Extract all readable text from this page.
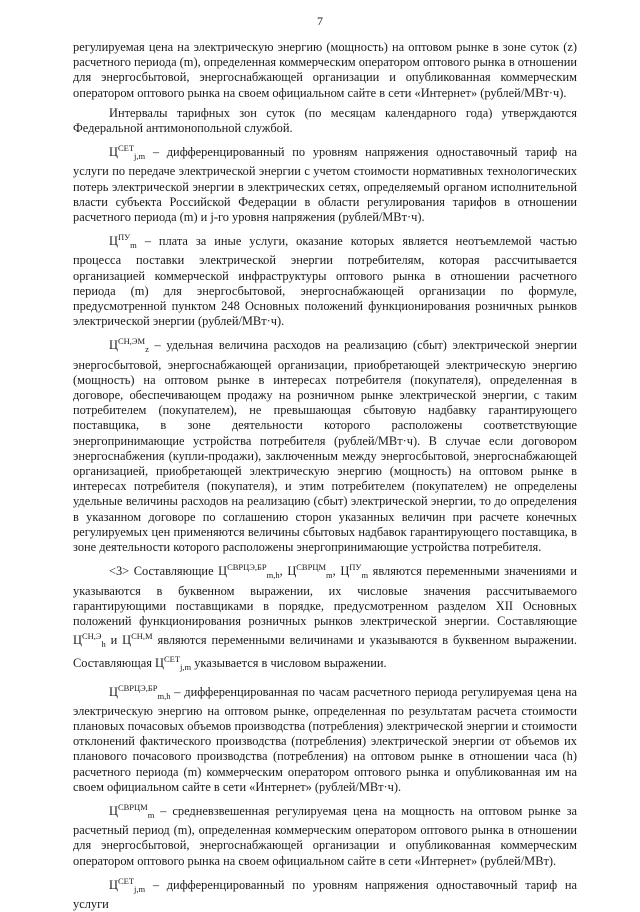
7

регулируемая цена на электрическую энергию (мощность) на оптовом рынке в зоне суток (z) расчетного периода (m), определенная коммерческим оператором оптового рынка в отношении для энергосбытовой, энергоснабжающей организации и опубликованная коммерческим оператором оптового рынка на своем официальном сайте в сети «Интернет» (рублей/МВт·ч).

Интервалы тарифных зон суток (по месяцам календарного года) утверждаются Федеральной антимонопольной службой.

$Ц^{СЕТ}_{j,m}$ – дифференцированный по уровням напряжения одноставочный тариф на услуги по передаче электрической энергии с учетом стоимости нормативных технологических потерь электрической энергии в электрических сетях, определяемый органом исполнительной власти субъекта Российской Федерации в области регулирования тарифов в отношении расчетного периода (m) и j-го уровня напряжения (рублей/МВт·ч).

$Ц^{ПУ}_m$ – плата за иные услуги, оказание которых является неотъемлемой частью процесса поставки электрической энергии потребителям, которая рассчитывается организацией коммерческой инфраструктуры оптового рынка в отношении расчетного периода (m) для энергосбытовой, энергоснабжающей организации по формуле, предусмотренной пунктом 248 Основных положений функционирования розничных рынков электрической энергии (рублей/МВт·ч).

$Ц^{СН,ЭМ}_z$ – удельная величина расходов на реализацию (сбыт) электрической энергии энергосбытовой, энергоснабжающей организации, приобретающей электрическую энергию (мощность) на оптовом рынке в интересах потребителя (покупателя), определенная в договоре, обеспечивающем продажу на розничном рынке электрической энергии, с таким потребителем (покупателем), не превышающая сбытовую надбавку гарантирующего поставщика, в зоне деятельности которого расположены соответствующие энергопринимающие устройства потребителя (рублей/МВт·ч). В случае если договором энергоснабжения (купли-продажи), заключенным между энергосбытовой, энергоснабжающей организацией, приобретающей электрическую энергию (мощность) на оптовом рынке в интересах потребителя (покупателя), и этим потребителем (покупателем) не определены удельные величины расходов на реализацию (сбыт) электрической энергии, то до определения в указанном договоре по соглашению сторон указанных величин при расчете конечных регулируемых цен применяются величины сбытовых надбавок гарантирующего поставщика, в зоне деятельности которого расположены энергопринимающие устройства потребителя.

<3> Составляющие $Ц^{СВРЦЭ,БР}_{m,h}$, $Ц^{СВРЦМ}_m$, $Ц^{ПУ}_m$ являются переменными значениями и указываются в буквенном выражении, их числовые значения рассчитываемого гарантирующими поставщиками в порядке, предусмотренном разделом XII Основных положений функционирования розничных рынков электрической энергии. Составляющие $Ц^{СН,Э}_h$ и $Ц^{СН,М}$ являются переменными величинами и указываются в буквенном выражении. Составляющая $Ц^{СЕТ}_{j,m}$ указывается в числовом выражении.

$Ц^{СВРЦЭ,БР}_{m,h}$ – дифференцированная по часам расчетного периода регулируемая цена на электрическую энергию на оптовом рынке, определенная по результатам расчета стоимости плановых почасовых объемов производства (потребления) электрической энергии и стоимости отклонений фактического производства (потребления) электрической энергии от объемов их планового почасового производства (потребления) на оптовом рынке в отношении часа (h) расчетного периода (m) коммерческим оператором оптового рынка и опубликованная им на своем официальном сайте в сети «Интернет» (рублей/МВт·ч).

$Ц^{СВРЦМ}_m$ – средневзвешенная регулируемая цена на мощность на оптовом рынке за расчетный период (m), определенная коммерческим оператором оптового рынка в отношении для энергосбытовой, энергоснабжающей организации и опубликованная коммерческим оператором оптового рынка на своем официальном сайте в сети «Интернет» (рублей/МВт).

$Ц^{СЕТ}_{j,m}$ – дифференцированный по уровням напряжения одноставочный тариф на услуги
